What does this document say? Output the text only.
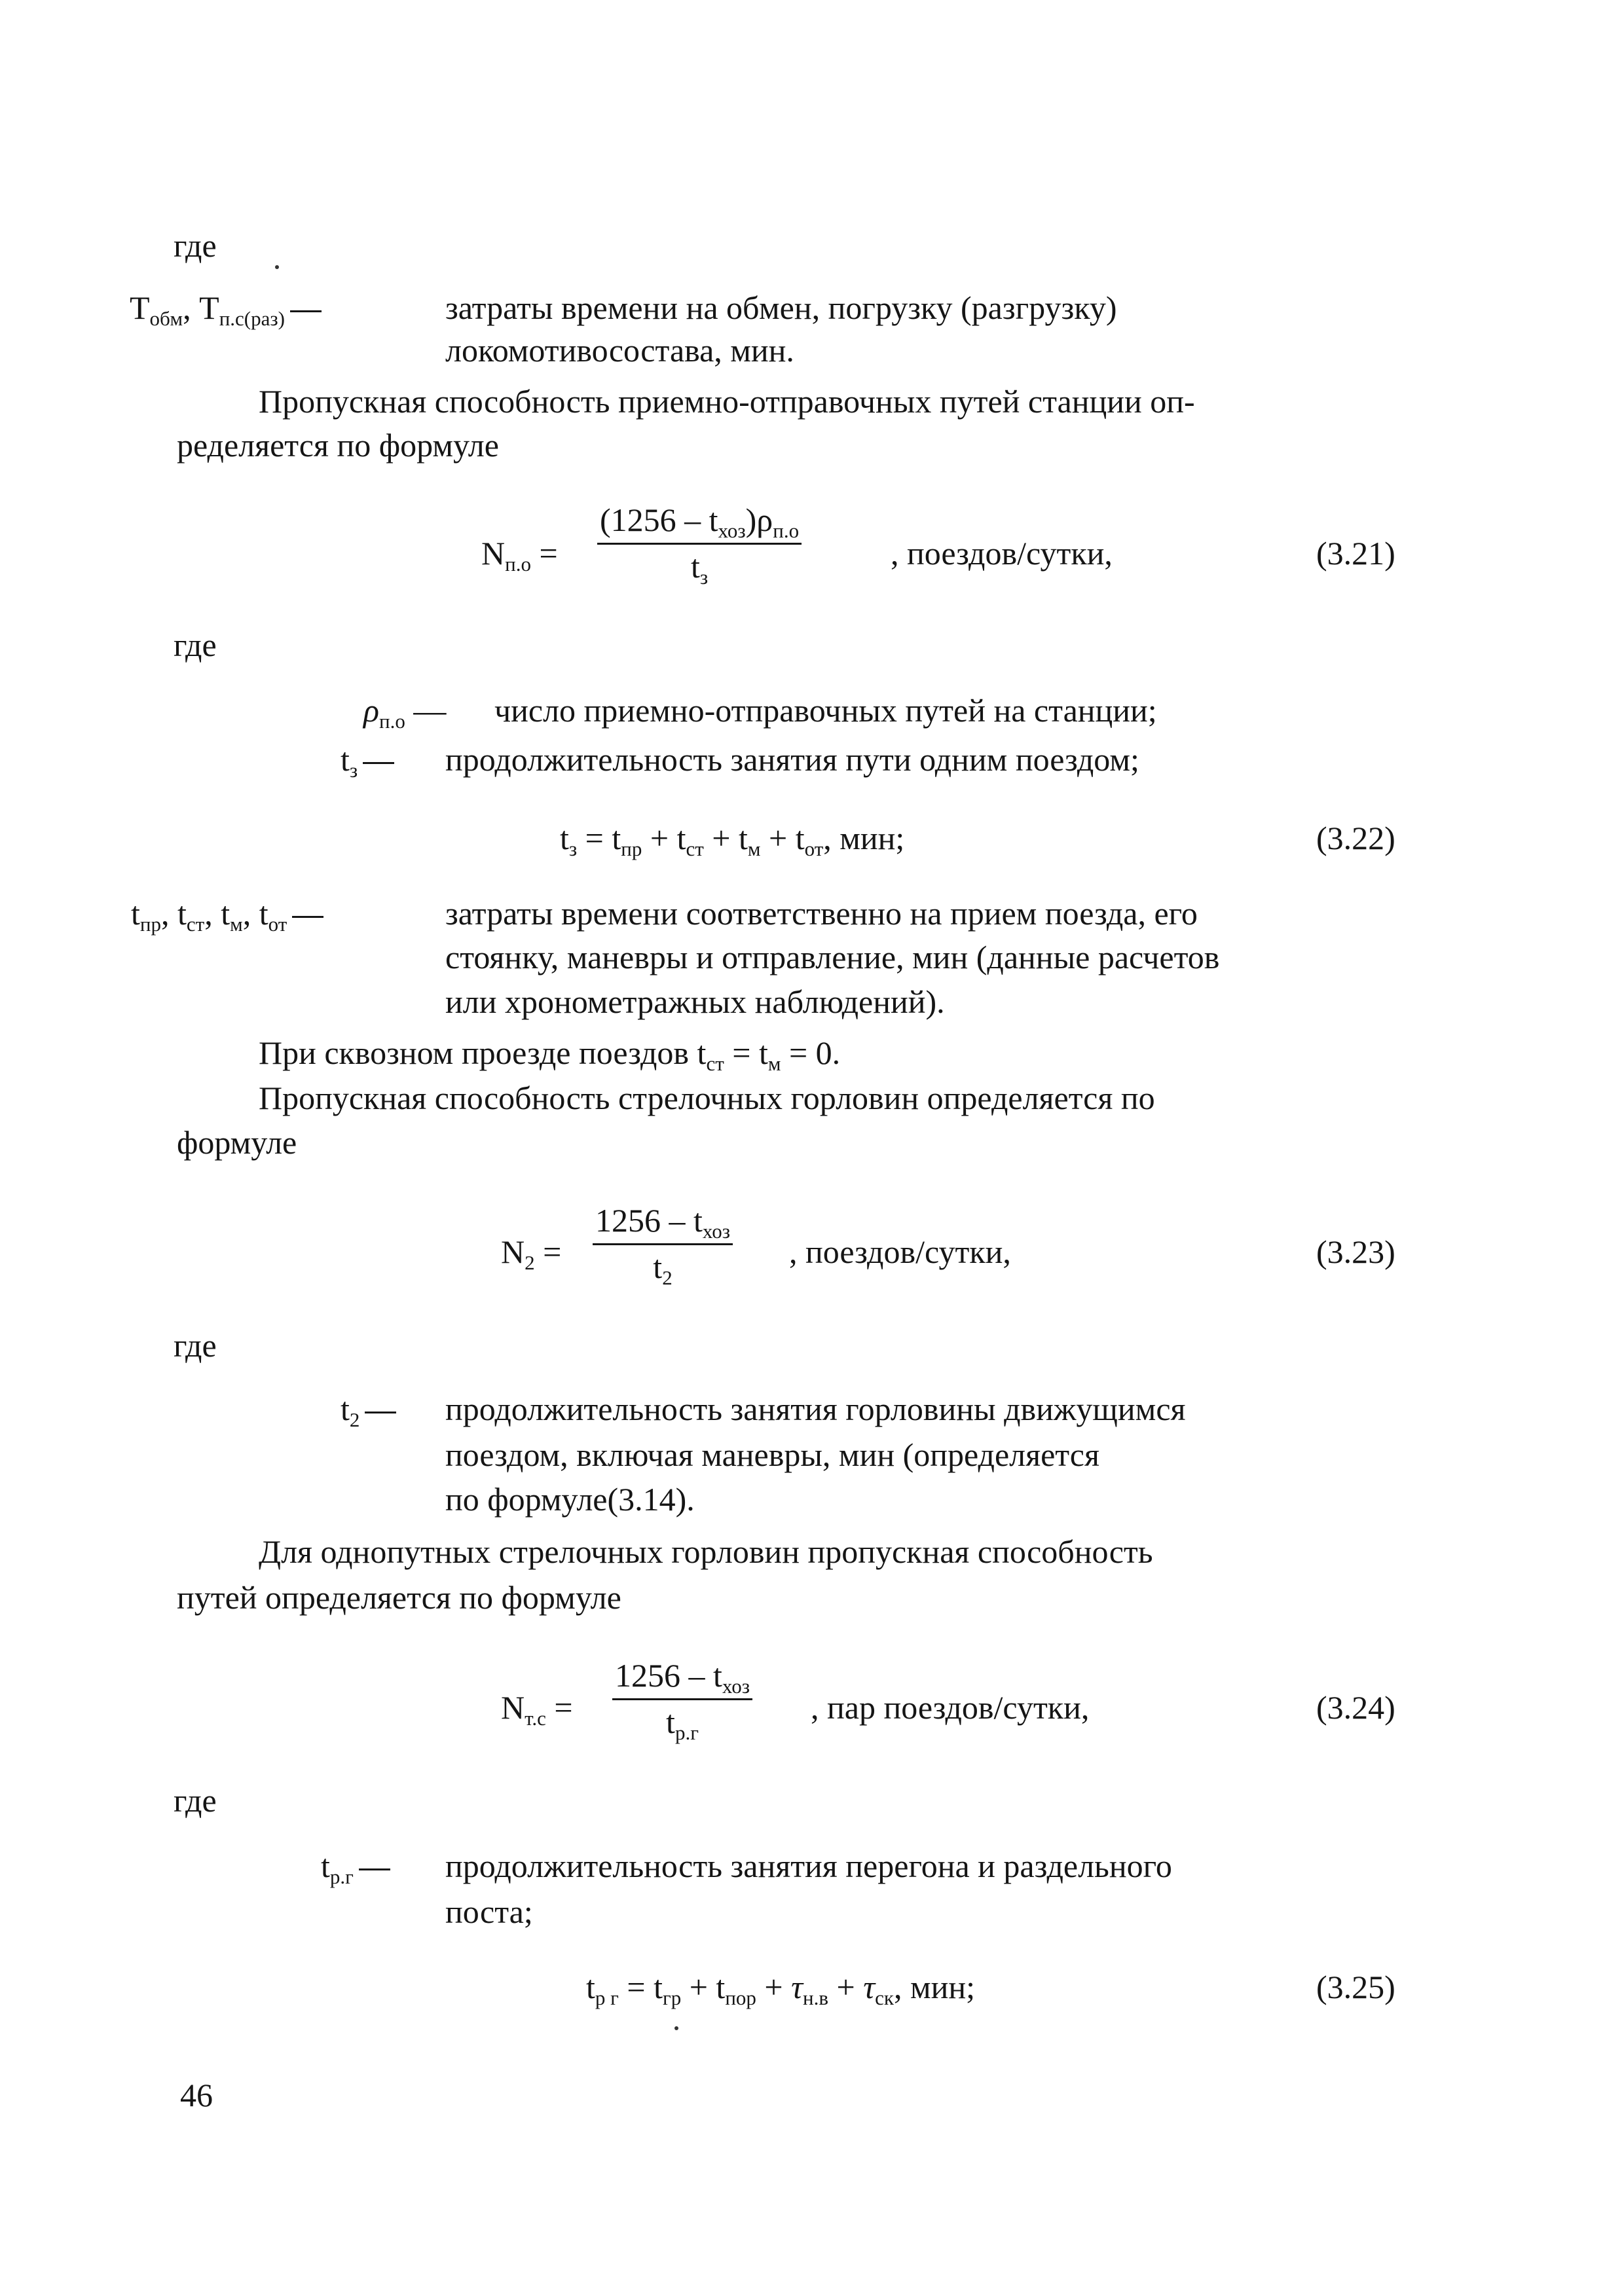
где
$T_{обм}$, $T_{п.с(раз)}$	затраты времени на обмен, погрузку (разгрузку)
локомотивосостава, мин.
Пропускная способность приемно-отправочных путей станции оп-
ределяется по формуле
$N_{п.о}$ =
$(1256 - t_{хоз})\rho_{п.о}$
$t_з$
, поездов/сутки,	(3.21)
где
$\rho_{п.о}$ — число приемно-отправочных путей на станции;
$t_з$	продолжительность занятия пути одним поездом;
$t_з = t_{пр} + t_{ст} + t_м + t_{от}$, мин;	(3.22)
$t_{пр}$, $t_{ст}$, $t_м$, $t_{от}$	затраты времени соответственно на прием поезда, его
стоянку, маневры и отправление, мин (данные расчетов
или хронометражных наблюдений).
При сквозном проезде поездов $t_{ст} = t_м = 0$.
Пропускная способность стрелочных горловин определяется по
формуле
$N_2$ =
$1256 - t_{хоз}$
$t_2$
, поездов/сутки,	(3.23)
где
$t_2$	продолжительность занятия горловины движущимся
поездом, включая маневры, мин (определяется
по формуле(3.14).
Для однопутных стрелочных горловин пропускная способность
путей определяется по формуле
$N_{т.с}$ =
$1256 - t_{хоз}$
$t_{р.г}$
, пар поездов/сутки,	(3.24)
где
$t_{р.г}$	продолжительность занятия перегона и раздельного
поста;
$t_{р г} = t_{гр} + t_{пор} + \tau_{н.в} + \tau_{ск}$, мин;	(3.25)
46
